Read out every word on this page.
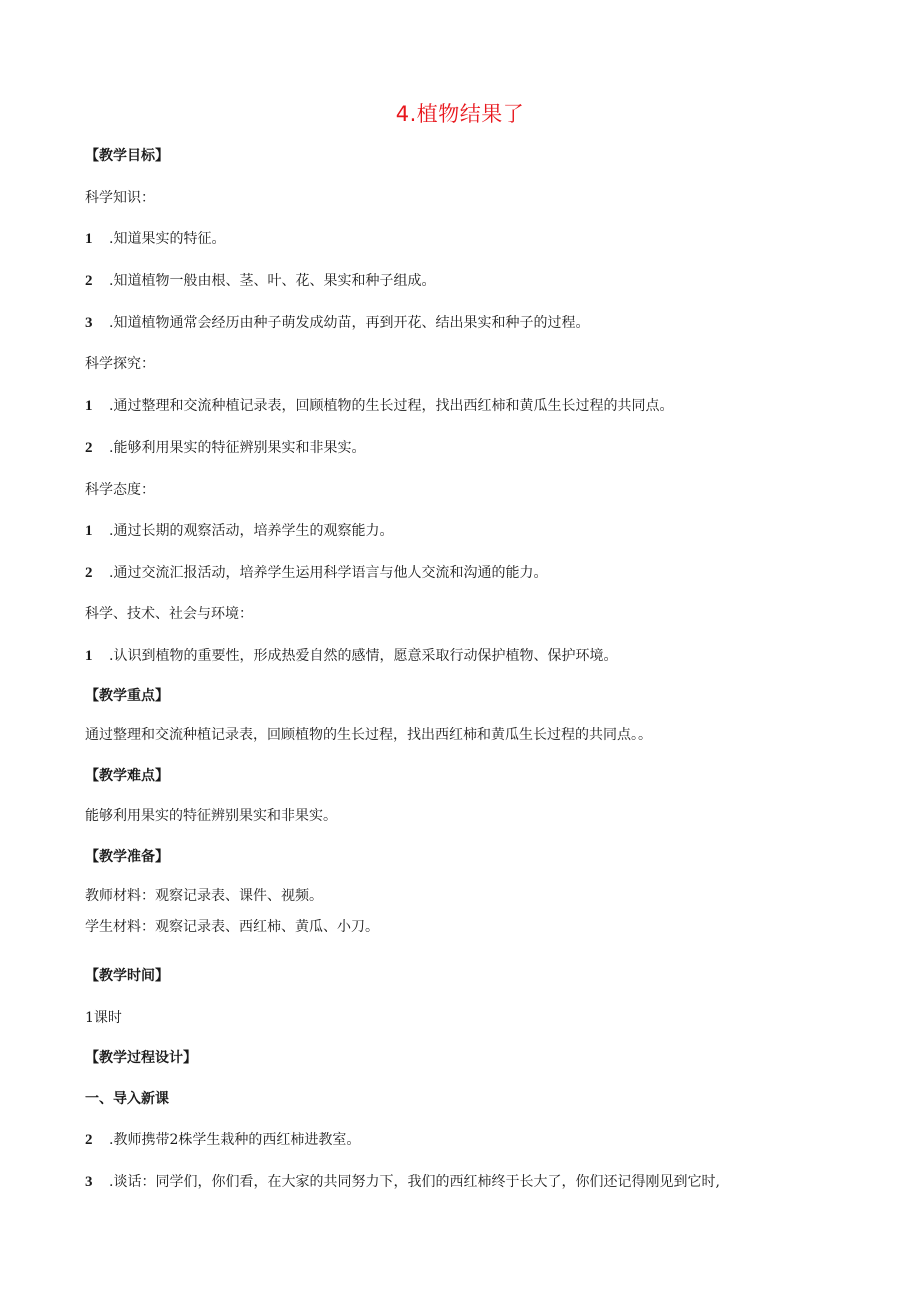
4.植物结果了
【教学目标】
科学知识：
1 .知道果实的特征。
2 .知道植物一般由根、茎、叶、花、果实和种子组成。
3 .知道植物通常会经历由种子萌发成幼苗，再到开花、结出果实和种子的过程。
科学探究：
1 .通过整理和交流种植记录表，回顾植物的生长过程，找出西红柿和黄瓜生长过程的共同点。
2 .能够利用果实的特征辨别果实和非果实。
科学态度：
1 .通过长期的观察活动，培养学生的观察能力。
2 .通过交流汇报活动，培养学生运用科学语言与他人交流和沟通的能力。
科学、技术、社会与环境：
1 .认识到植物的重要性，形成热爱自然的感情，愿意采取行动保护植物、保护环境。
【教学重点】
通过整理和交流种植记录表，回顾植物的生长过程，找出西红柿和黄瓜生长过程的共同点。。
【教学难点】
能够利用果实的特征辨别果实和非果实。
【教学准备】
教师材料：观察记录表、课件、视频。
学生材料：观察记录表、西红柿、黄瓜、小刀。
【教学时间】
1课时
【教学过程设计】
一、导入新课
2 .教师携带2株学生栽种的西红柿进教室。
3 .谈话：同学们，你们看，在大家的共同努力下，我们的西红柿终于长大了，你们还记得刚见到它时,
